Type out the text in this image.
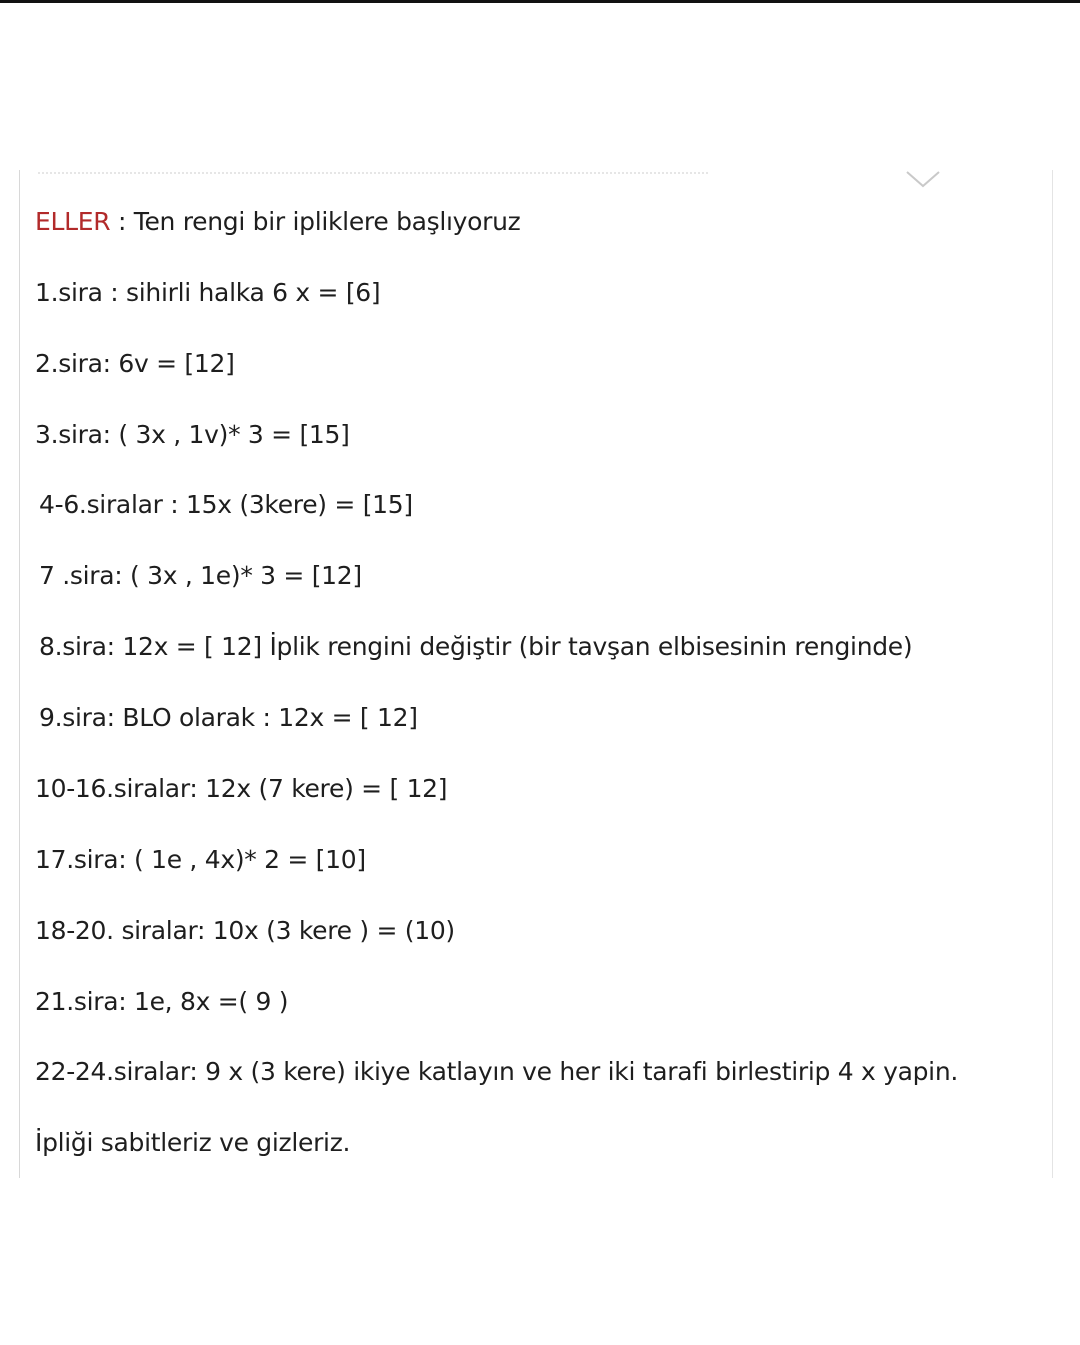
ELLER : Ten rengi bir ipliklere başlıyoruz
1.sira : sihirli halka 6 x = [6]
2.sira: 6v = [12]
3.sira: ( 3x , 1v)* 3 = [15]
4-6.siralar : 15x (3kere) = [15]
7 .sira: ( 3x , 1e)* 3 = [12]
8.sira: 12x = [ 12] İplik rengini değiştir (bir tavşan elbisesinin renginde)
9.sira: BLO olarak : 12x = [ 12]
10-16.siralar: 12x (7 kere) = [ 12]
17.sira: ( 1e , 4x)* 2 = [10]
18-20. siralar: 10x (3 kere ) = (10)
21.sira: 1e, 8x =( 9 )
22-24.siralar: 9 x (3 kere) ikiye katlayın ve her iki tarafi birlestirip 4 x yapin.
İpliği sabitleriz ve gizleriz.
